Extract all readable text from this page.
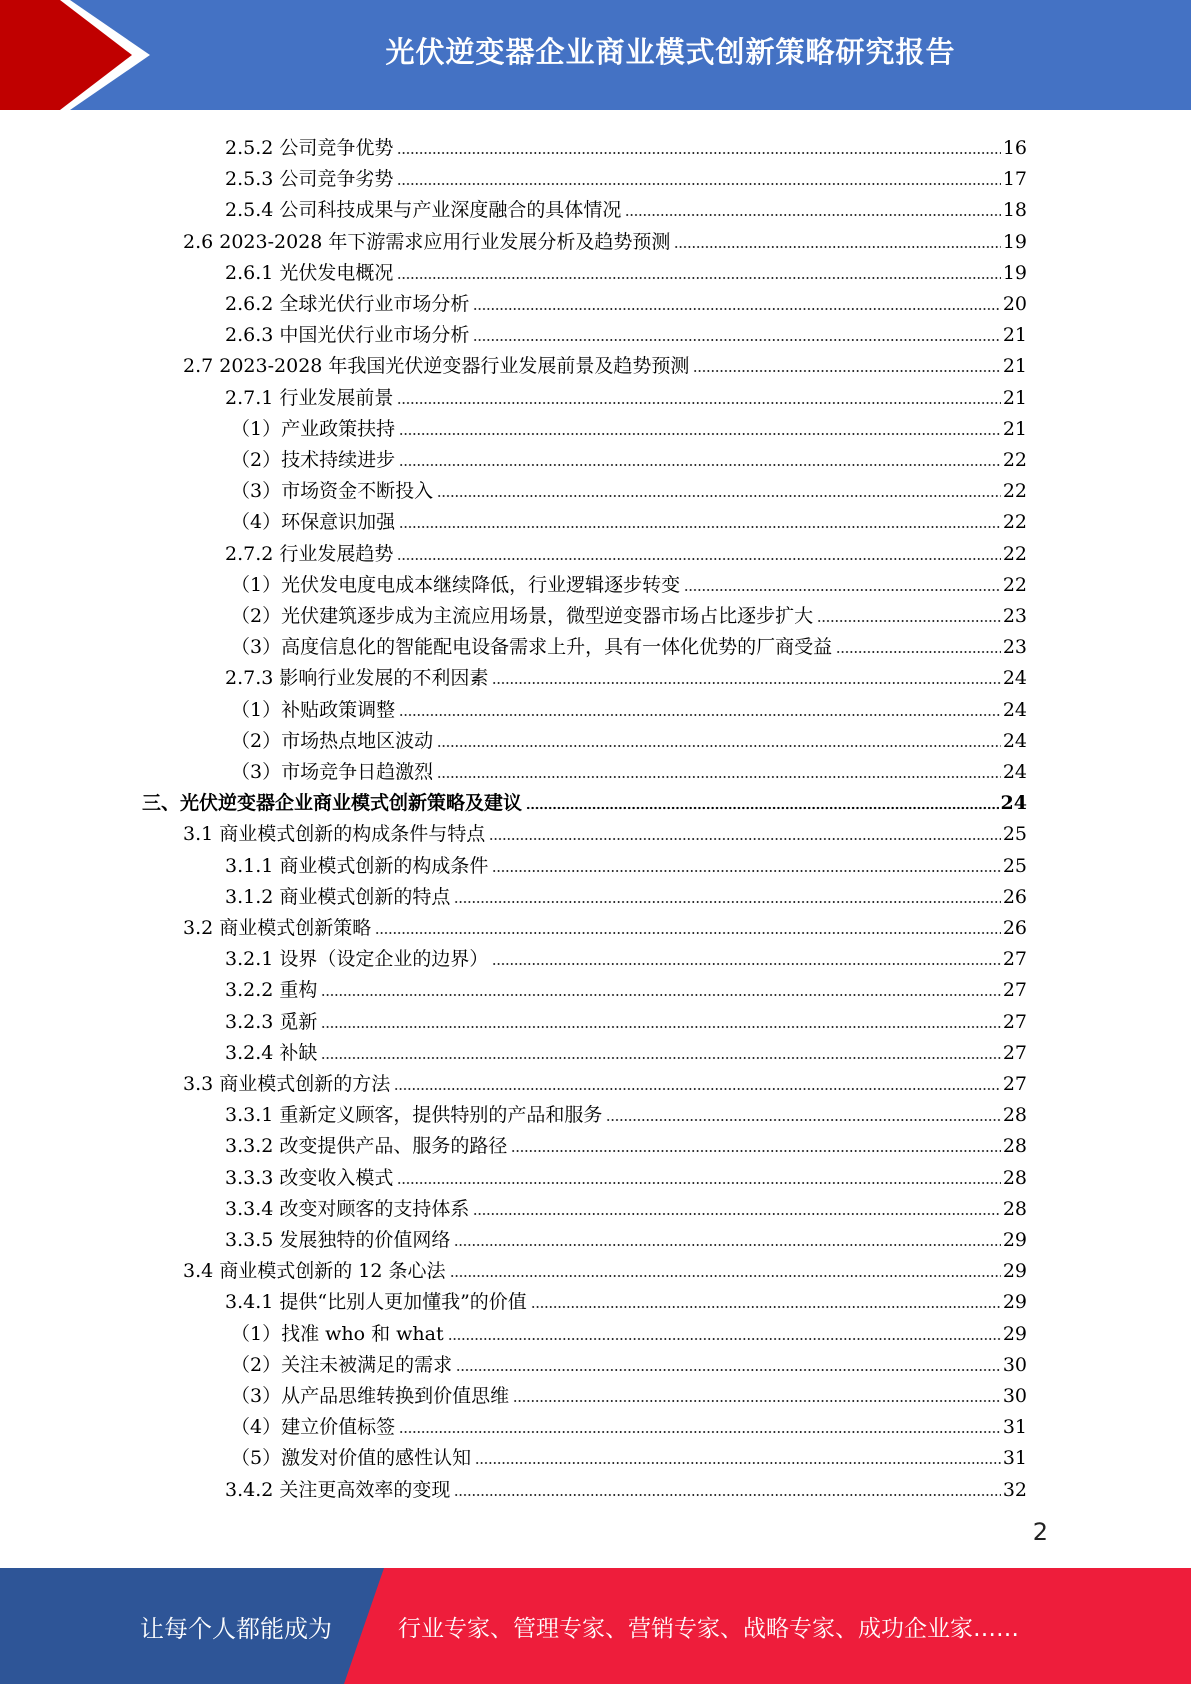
光伏逆变器企业商业模式创新策略研究报告
2.5.2 公司竞争优势	16
2.5.3 公司竞争劣势	17
2.5.4 公司科技成果与产业深度融合的具体情况	18
2.6 2023-2028 年下游需求应用行业发展分析及趋势预测	19
2.6.1 光伏发电概况	19
2.6.2 全球光伏行业市场分析	20
2.6.3 中国光伏行业市场分析	21
2.7 2023-2028 年我国光伏逆变器行业发展前景及趋势预测	21
2.7.1 行业发展前景	21
（1）产业政策扶持	21
（2）技术持续进步	22
（3）市场资金不断投入	22
（4）环保意识加强	22
2.7.2 行业发展趋势	22
（1）光伏发电度电成本继续降低，行业逻辑逐步转变	22
（2）光伏建筑逐步成为主流应用场景，微型逆变器市场占比逐步扩大	23
（3）高度信息化的智能配电设备需求上升，具有一体化优势的厂商受益	23
2.7.3 影响行业发展的不利因素	24
（1）补贴政策调整	24
（2）市场热点地区波动	24
（3）市场竞争日趋激烈	24
三、光伏逆变器企业商业模式创新策略及建议	24
3.1 商业模式创新的构成条件与特点	25
3.1.1 商业模式创新的构成条件	25
3.1.2 商业模式创新的特点	26
3.2 商业模式创新策略	26
3.2.1 设界（设定企业的边界）	27
3.2.2 重构	27
3.2.3 觅新	27
3.2.4 补缺	27
3.3 商业模式创新的方法	27
3.3.1 重新定义顾客，提供特别的产品和服务	28
3.3.2 改变提供产品、服务的路径	28
3.3.3 改变收入模式	28
3.3.4 改变对顾客的支持体系	28
3.3.5 发展独特的价值网络	29
3.4 商业模式创新的 12 条心法	29
3.4.1 提供“比别人更加懂我”的价值	29
（1）找准 who 和 what	29
（2）关注未被满足的需求	30
（3）从产品思维转换到价值思维	30
（4）建立价值标签	31
（5）激发对价值的感性认知	31
3.4.2 关注更高效率的变现	32
2
让每个人都能成为	行业专家、管理专家、营销专家、战略专家、成功企业家……
